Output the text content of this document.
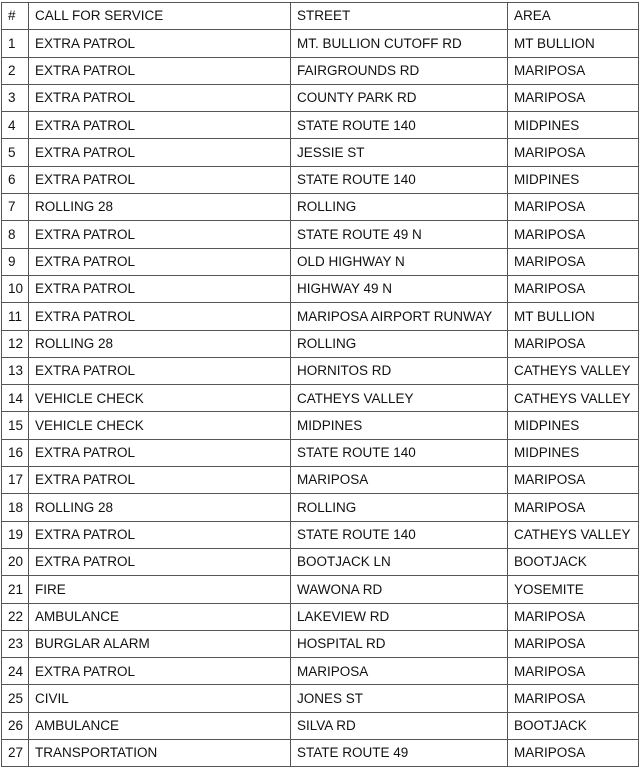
#	CALL FOR SERVICE	STREET	AREA
1	EXTRA PATROL	MT. BULLION CUTOFF RD	MT BULLION
2	EXTRA PATROL	FAIRGROUNDS RD	MARIPOSA
3	EXTRA PATROL	COUNTY PARK RD	MARIPOSA
4	EXTRA PATROL	STATE ROUTE 140	MIDPINES
5	EXTRA PATROL	JESSIE ST	MARIPOSA
6	EXTRA PATROL	STATE ROUTE 140	MIDPINES
7	ROLLING 28	ROLLING	MARIPOSA
8	EXTRA PATROL	STATE ROUTE 49 N	MARIPOSA
9	EXTRA PATROL	OLD HIGHWAY N	MARIPOSA
10	EXTRA PATROL	HIGHWAY 49 N	MARIPOSA
11	EXTRA PATROL	MARIPOSA AIRPORT RUNWAY	MT BULLION
12	ROLLING 28	ROLLING	MARIPOSA
13	EXTRA PATROL	HORNITOS RD	CATHEYS VALLEY
14	VEHICLE CHECK	CATHEYS VALLEY	CATHEYS VALLEY
15	VEHICLE CHECK	MIDPINES	MIDPINES
16	EXTRA PATROL	STATE ROUTE 140	MIDPINES
17	EXTRA PATROL	MARIPOSA	MARIPOSA
18	ROLLING 28	ROLLING	MARIPOSA
19	EXTRA PATROL	STATE ROUTE 140	CATHEYS VALLEY
20	EXTRA PATROL	BOOTJACK LN	BOOTJACK
21	FIRE	WAWONA RD	YOSEMITE
22	AMBULANCE	LAKEVIEW RD	MARIPOSA
23	BURGLAR ALARM	HOSPITAL RD	MARIPOSA
24	EXTRA PATROL	MARIPOSA	MARIPOSA
25	CIVIL	JONES ST	MARIPOSA
26	AMBULANCE	SILVA RD	BOOTJACK
27	TRANSPORTATION	STATE ROUTE 49	MARIPOSA
